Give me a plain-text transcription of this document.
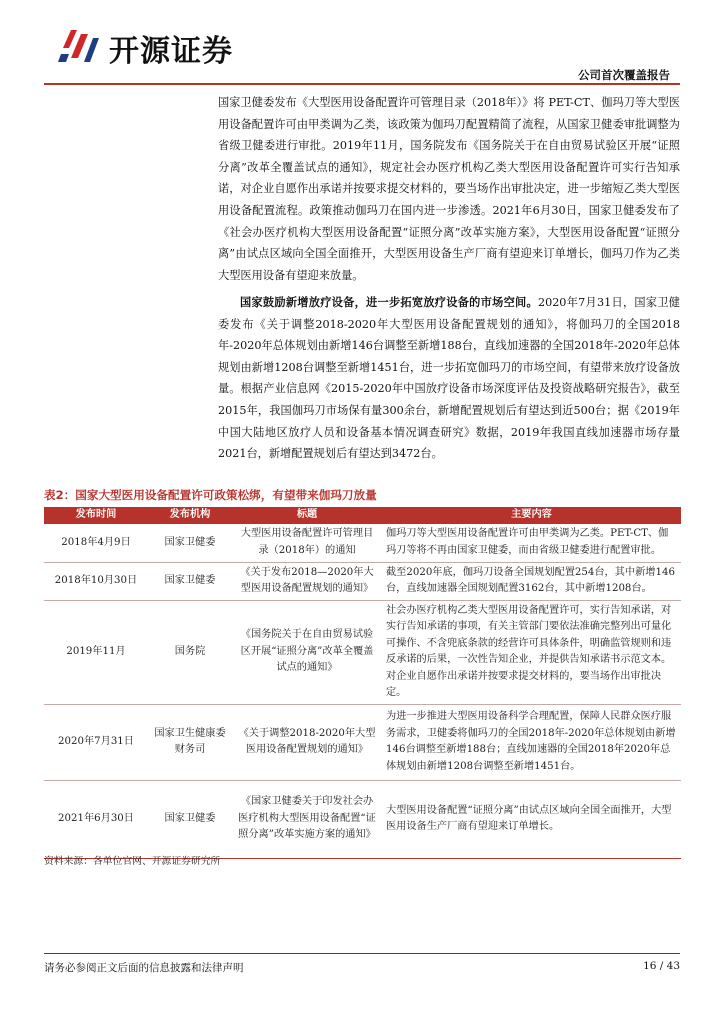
开源证券
公司首次覆盖报告
国家卫健委发布《大型医用设备配置许可管理目录（2018年）》将 PET-CT、伽玛刀等大型医用设备配置许可由甲类调为乙类，该政策为伽玛刀配置精简了流程，从国家卫健委审批调整为省级卫健委进行审批。2019年11月，国务院发布《国务院关于在自由贸易试验区开展“证照分离”改革全覆盖试点的通知》，规定社会办医疗机构乙类大型医用设备配置许可实行告知承诺，对企业自愿作出承诺并按要求提交材料的，要当场作出审批决定，进一步缩短乙类大型医用设备配置流程。政策推动伽玛刀在国内进一步渗透。2021年6月30日，国家卫健委发布了《社会办医疗机构大型医用设备配置“证照分离”改革实施方案》，大型医用设备配置“证照分离”由试点区域向全国全面推开，大型医用设备生产厂商有望迎来订单增长，伽玛刀作为乙类大型医用设备有望迎来放量。
国家鼓励新增放疗设备，进一步拓宽放疗设备的市场空间。2020年7月31日，国家卫健委发布《关于调整2018-2020年大型医用设备配置规划的通知》，将伽玛刀的全国2018年-2020年总体规划由新增146台调整至新增188台，直线加速器的全国2018年-2020年总体规划由新增1208台调整至新增1451台，进一步拓宽伽玛刀的市场空间，有望带来放疗设备放量。根据产业信息网《2015-2020年中国放疗设备市场深度评估及投资战略研究报告》，截至2015年，我国伽玛刀市场保有量300余台，新增配置规划后有望达到近500台；据《2019年中国大陆地区放疗人员和设备基本情况调查研究》数据，2019年我国直线加速器市场存量2021台，新增配置规划后有望达到3472台。
表2：国家大型医用设备配置许可政策松绑，有望带来伽玛刀放量
发布时间	发布机构	标题	主要内容
2018年4月9日	国家卫健委	大型医用设备配置许可管理目录（2018年）的通知	伽玛刀等大型医用设备配置许可由甲类调为乙类。PET-CT、伽玛刀等将不再由国家卫健委，而由省级卫健委进行配置审批。
2018年10月30日	国家卫健委	《关于发布2018—2020年大型医用设备配置规划的通知》	截至2020年底，伽玛刀设备全国规划配置254台，其中新增146台，直线加速器全国规划配置3162台，其中新增1208台。
2019年11月	国务院	《国务院关于在自由贸易试验区开展“证照分离”改革全覆盖试点的通知》	社会办医疗机构乙类大型医用设备配置许可，实行告知承诺，对实行告知承诺的事项，有关主管部门要依法准确完整列出可量化可操作、不含兜底条款的经营许可具体条件，明确监管规则和违反承诺的后果，一次性告知企业，并提供告知承诺书示范文本。对企业自愿作出承诺并按要求提交材料的，要当场作出审批决定。
2020年7月31日	国家卫生健康委财务司	《关于调整2018-2020年大型医用设备配置规划的通知》	为进一步推进大型医用设备科学合理配置，保障人民群众医疗服务需求，卫健委将伽玛刀的全国2018年-2020年总体规划由新增146台调整至新增188台；直线加速器的全国2018年2020年总体规划由新增1208台调整至新增1451台。
2021年6月30日	国家卫健委	《国家卫健委关于印发社会办医疗机构大型医用设备配置“证照分离”改革实施方案的通知》	大型医用设备配置“证照分离”由试点区域向全国全面推开，大型医用设备生产厂商有望迎来订单增长。
资料来源：各单位官网、开源证券研究所
请务必参阅正文后面的信息披露和法律声明	16 / 43
